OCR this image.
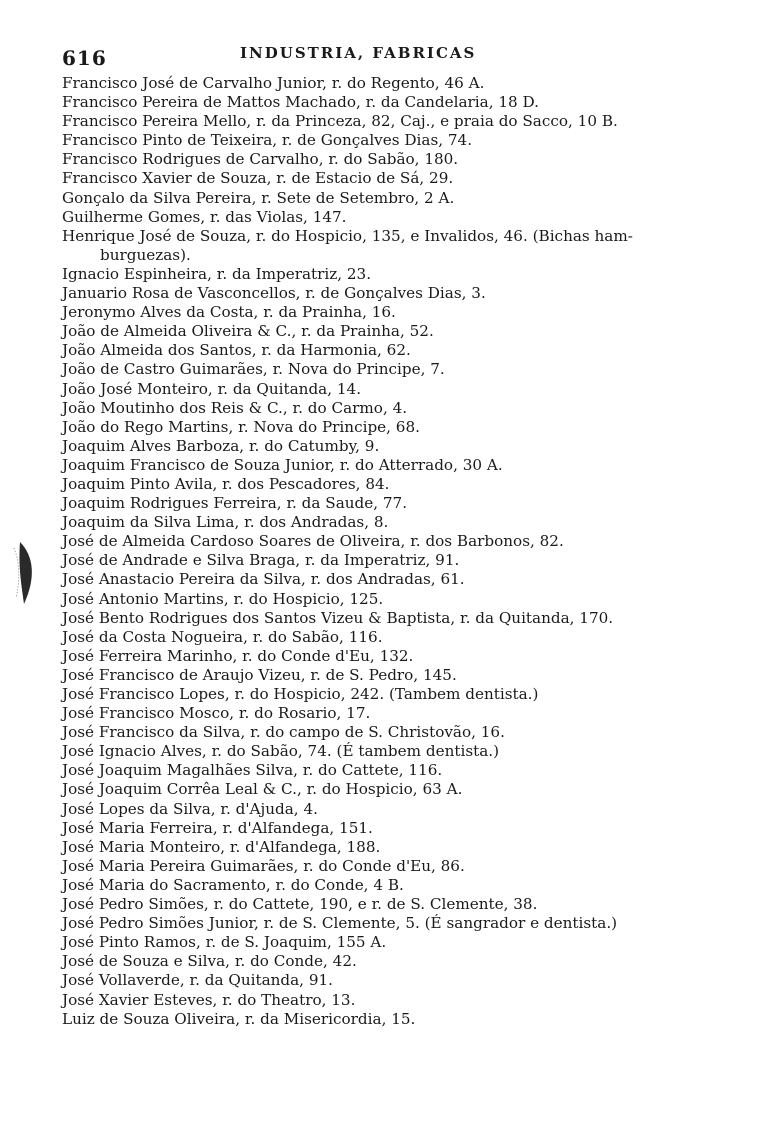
616	INDUSTRIA, FABRICAS
Francisco José de Carvalho Junior, r. do Regento, 46 A.
Francisco Pereira de Mattos Machado, r. da Candelaria, 18 D.
Francisco Pereira Mello, r. da Princeza, 82, Caj., e praia do Sacco, 10 B.
Francisco Pinto de Teixeira, r. de Gonçalves Dias, 74.
Francisco Rodrigues de Carvalho, r. do Sabão, 180.
Francisco Xavier de Souza, r. de Estacio de Sá, 29.
Gonçalo da Silva Pereira, r. Sete de Setembro, 2 A.
Guilherme Gomes, r. das Violas, 147.
Henrique José de Souza, r. do Hospicio, 135, e Invalidos, 46. (Bichas ham-
burguezas).
Ignacio Espinheira, r. da Imperatriz, 23.
Januario Rosa de Vasconcellos, r. de Gonçalves Dias, 3.
Jeronymo Alves da Costa, r. da Prainha, 16.
João de Almeida Oliveira & C., r. da Prainha, 52.
João Almeida dos Santos, r. da Harmonia, 62.
João de Castro Guimarães, r. Nova do Principe, 7.
João José Monteiro, r. da Quitanda, 14.
João Moutinho dos Reis & C., r. do Carmo, 4.
João do Rego Martins, r. Nova do Principe, 68.
Joaquim Alves Barboza, r. do Catumby, 9.
Joaquim Francisco de Souza Junior, r. do Atterrado, 30 A.
Joaquim Pinto Avila, r. dos Pescadores, 84.
Joaquim Rodrigues Ferreira, r. da Saude, 77.
Joaquim da Silva Lima, r. dos Andradas, 8.
José de Almeida Cardoso Soares de Oliveira, r. dos Barbonos, 82.
José de Andrade e Silva Braga, r. da Imperatriz, 91.
José Anastacio Pereira da Silva, r. dos Andradas, 61.
José Antonio Martins, r. do Hospicio, 125.
José Bento Rodrigues dos Santos Vizeu & Baptista, r. da Quitanda, 170.
José da Costa Nogueira, r. do Sabão, 116.
José Ferreira Marinho, r. do Conde d'Eu, 132.
José Francisco de Araujo Vizeu, r. de S. Pedro, 145.
José Francisco Lopes, r. do Hospicio, 242. (Tambem dentista.)
José Francisco Mosco, r. do Rosario, 17.
José Francisco da Silva, r. do campo de S. Christovão, 16.
José Ignacio Alves, r. do Sabão, 74. (É tambem dentista.)
José Joaquim Magalhães Silva, r. do Cattete, 116.
José Joaquim Corrêa Leal & C., r. do Hospicio, 63 A.
José Lopes da Silva, r. d'Ajuda, 4.
José Maria Ferreira, r. d'Alfandega, 151.
José Maria Monteiro, r. d'Alfandega, 188.
José Maria Pereira Guimarães, r. do Conde d'Eu, 86.
José Maria do Sacramento, r. do Conde, 4 B.
José Pedro Simões, r. do Cattete, 190, e r. de S. Clemente, 38.
José Pedro Simões Junior, r. de S. Clemente, 5. (É sangrador e dentista.)
José Pinto Ramos, r. de S. Joaquim, 155 A.
José de Souza e Silva, r. do Conde, 42.
José Vollaverde, r. da Quitanda, 91.
José Xavier Esteves, r. do Theatro, 13.
Luiz de Souza Oliveira, r. da Misericordia, 15.
